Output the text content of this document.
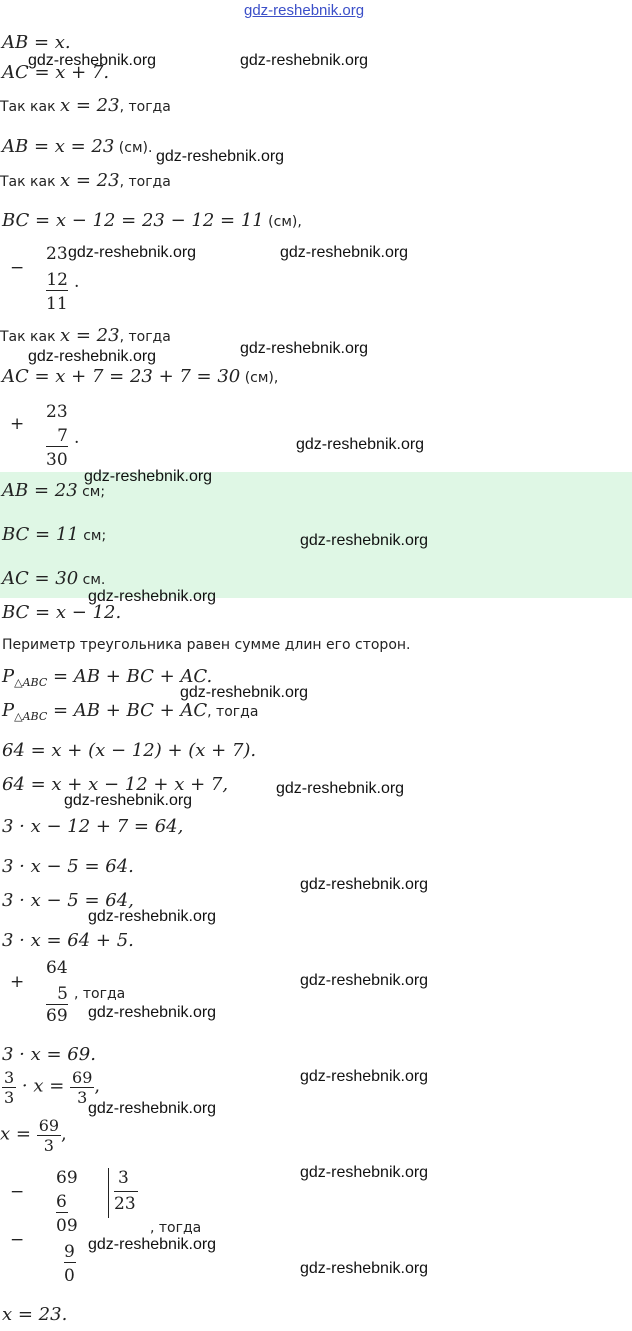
gdz-reshebnik.org
AB = x.
AC = x + 7.
Так как x = 23, тогда
AB = x = 23 (см).
Так как x = 23, тогда
BC = x − 12 = 23 − 12 = 11 (см),
−
23
12
11
.
Так как x = 23, тогда
AC = x + 7 = 23 + 7 = 30 (см),
+
23
7
30
.
AB = 23 см;
BC = 11 см;
AC = 30 см.
BC = x − 12.
Периметр треугольника равен сумме длин его сторон.
$P_{\triangle ABC}$ = AB + BC + AC.
$P_{\triangle ABC}$ = AB + BC + AC, тогда
64 = x + (x − 12) + (x + 7).
64 = x + x − 12 + x + 7,
3 · x − 12 + 7 = 64,
3 · x − 5 = 64.
3 · x − 5 = 64,
3 · x = 64 + 5.
+
64
5
69
, тогда
3 · x = 69.
$\frac{3}{3} \cdot x = \frac{69}{3}$ ,
$x = \frac{69}{3}$ ,
−
69
6
09
−
9
0
3
23
, тогда
x = 23.
gdz-reshebnik.org	gdz-reshebnik.org
gdz-reshebnik.org
gdz-reshebnik.org	gdz-reshebnik.org
gdz-reshebnik.org	gdz-reshebnik.org
gdz-reshebnik.org
gdz-reshebnik.org
gdz-reshebnik.org
gdz-reshebnik.org
gdz-reshebnik.org
gdz-reshebnik.org
gdz-reshebnik.org
gdz-reshebnik.org
gdz-reshebnik.org
gdz-reshebnik.org
gdz-reshebnik.org
gdz-reshebnik.org
gdz-reshebnik.org
gdz-reshebnik.org
gdz-reshebnik.org
gdz-reshebnik.org
